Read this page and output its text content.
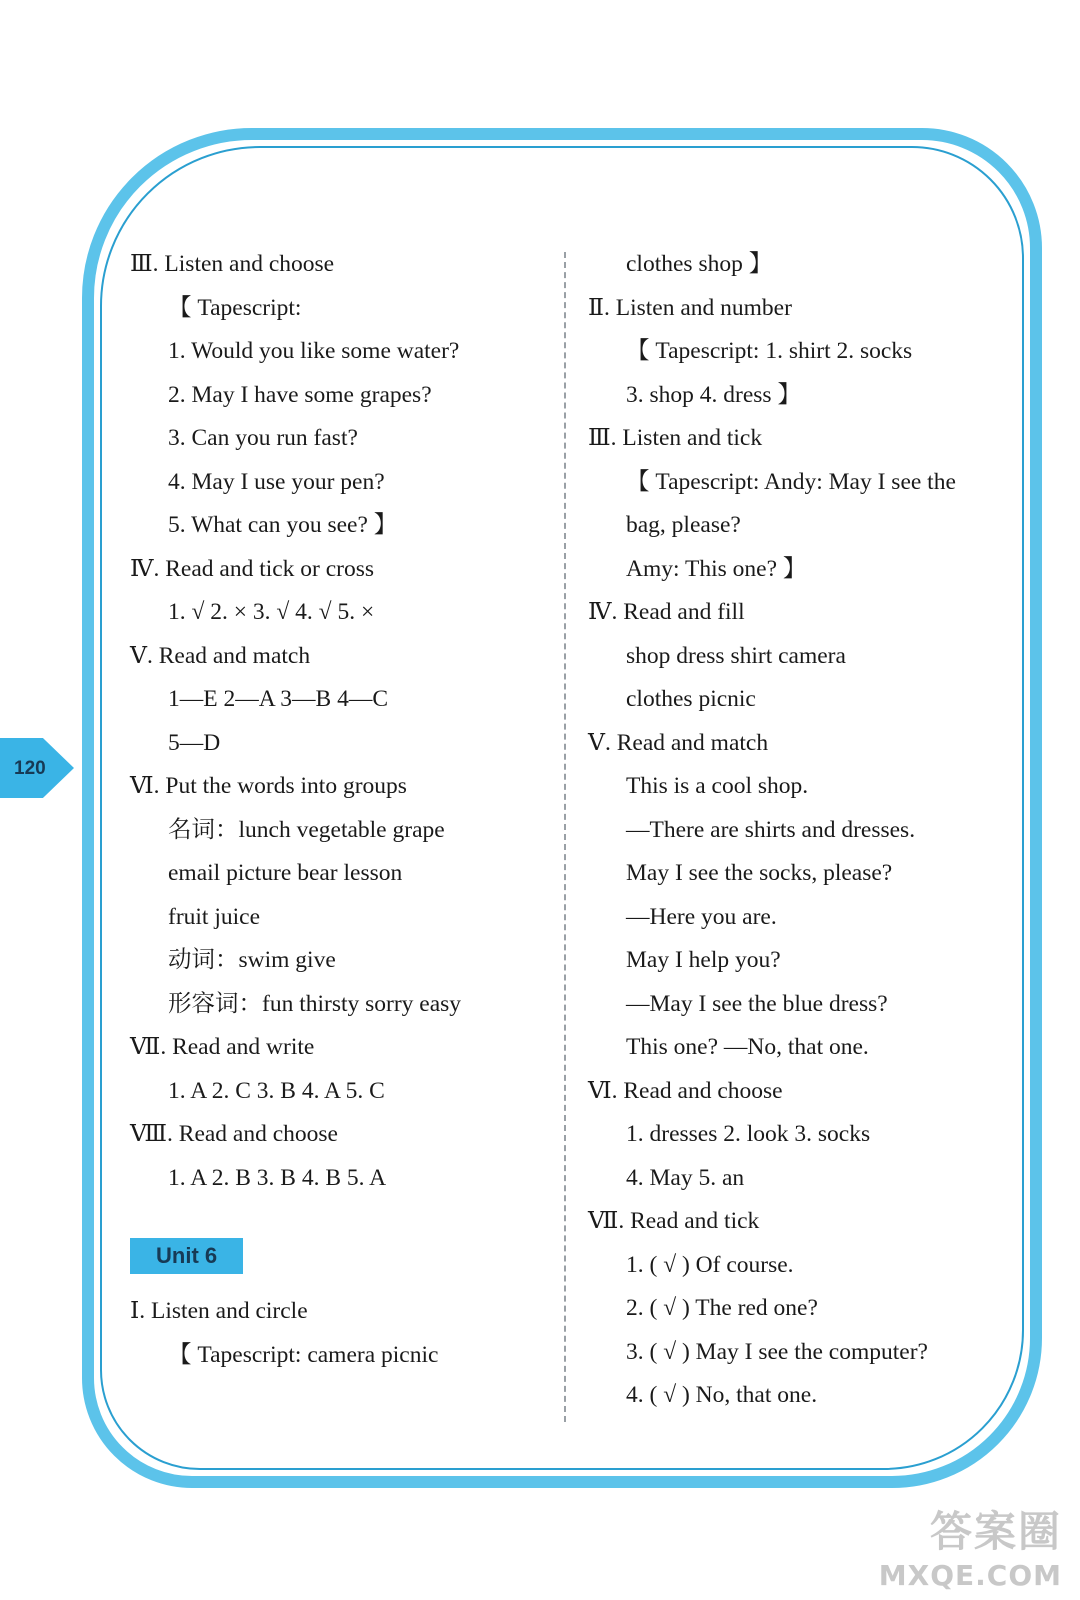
120
Ⅲ. Listen and choose
【 Tapescript:
1. Would you like some water?
2. May I have some grapes?
3. Can you run fast?
4. May I use your pen?
5. What can you see? 】
Ⅳ. Read and tick or cross
1. √ 2. × 3. √ 4. √ 5. ×
Ⅴ. Read and match
1—E 2—A 3—B 4—C
5—D
Ⅵ. Put the words into groups
名词：lunch vegetable grape
email picture bear lesson
fruit juice
动词：swim give
形容词：fun thirsty sorry easy
Ⅶ. Read and write
1. A 2. C 3. B 4. A 5. C
Ⅷ. Read and choose
1. A 2. B 3. B 4. B 5. A
Unit 6
Ⅰ. Listen and circle
【 Tapescript: camera picnic
clothes shop 】
Ⅱ. Listen and number
【 Tapescript: 1. shirt 2. socks
3. shop 4. dress 】
Ⅲ. Listen and tick
【 Tapescript: Andy: May I see the
bag, please?
Amy: This one? 】
Ⅳ. Read and fill
shop dress shirt camera
clothes picnic
Ⅴ. Read and match
This is a cool shop.
—There are shirts and dresses.
May I see the socks, please?
—Here you are.
May I help you?
—May I see the blue dress?
This one? —No, that one.
Ⅵ. Read and choose
1. dresses 2. look 3. socks
4. May 5. an
Ⅶ. Read and tick
1. ( √ ) Of course.
2. ( √ ) The red one?
3. ( √ ) May I see the computer?
4. ( √ ) No, that one.
答案圈
MXQE.COM
